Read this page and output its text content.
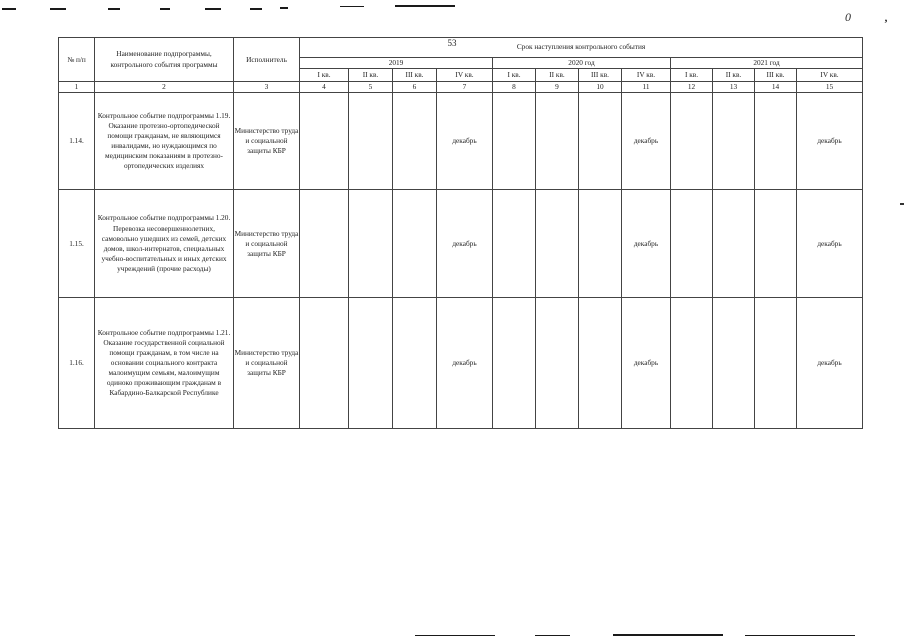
0	,
53
№ п/п	Наименование подпрограммы, контрольного события программы	Исполнитель	Срок наступления контрольного события											
			2019				2020 год				2021 год			
			I кв.	II кв.	III кв.	IV кв.	I кв.	II кв.	III кв.	IV кв.	I кв.	II кв.	III кв.	IV кв.
1	2	3	4	5	6	7	8	9	10	11	12	13	14	15
1.14.	Контрольное событие подпрограммы 1.19. Оказание протезно-ортопедической помощи гражданам, не являющимся инвалидами, но нуждающимся по медицинским показаниям в протезно-ортопедических изделиях	Министерство труда и социальной защиты КБР				декабрь				декабрь				декабрь
1.15.	Контрольное событие подпрограммы 1.20. Перевозка несовершеннолетних, самовольно ушедших из семей, детских домов, школ-интернатов, специальных учебно-воспитательных и иных детских учреждений (прочие расходы)	Министерство труда и социальной защиты КБР				декабрь				декабрь				декабрь
1.16.	Контрольное событие подпрограммы 1.21. Оказание государственной социальной помощи гражданам, в том числе на основании социального контракта малоимущим семьям, малоимущим одиноко проживающим гражданам в Кабардино-Балкарской Республике	Министерство труда и социальной защиты КБР				декабрь				декабрь				декабрь
